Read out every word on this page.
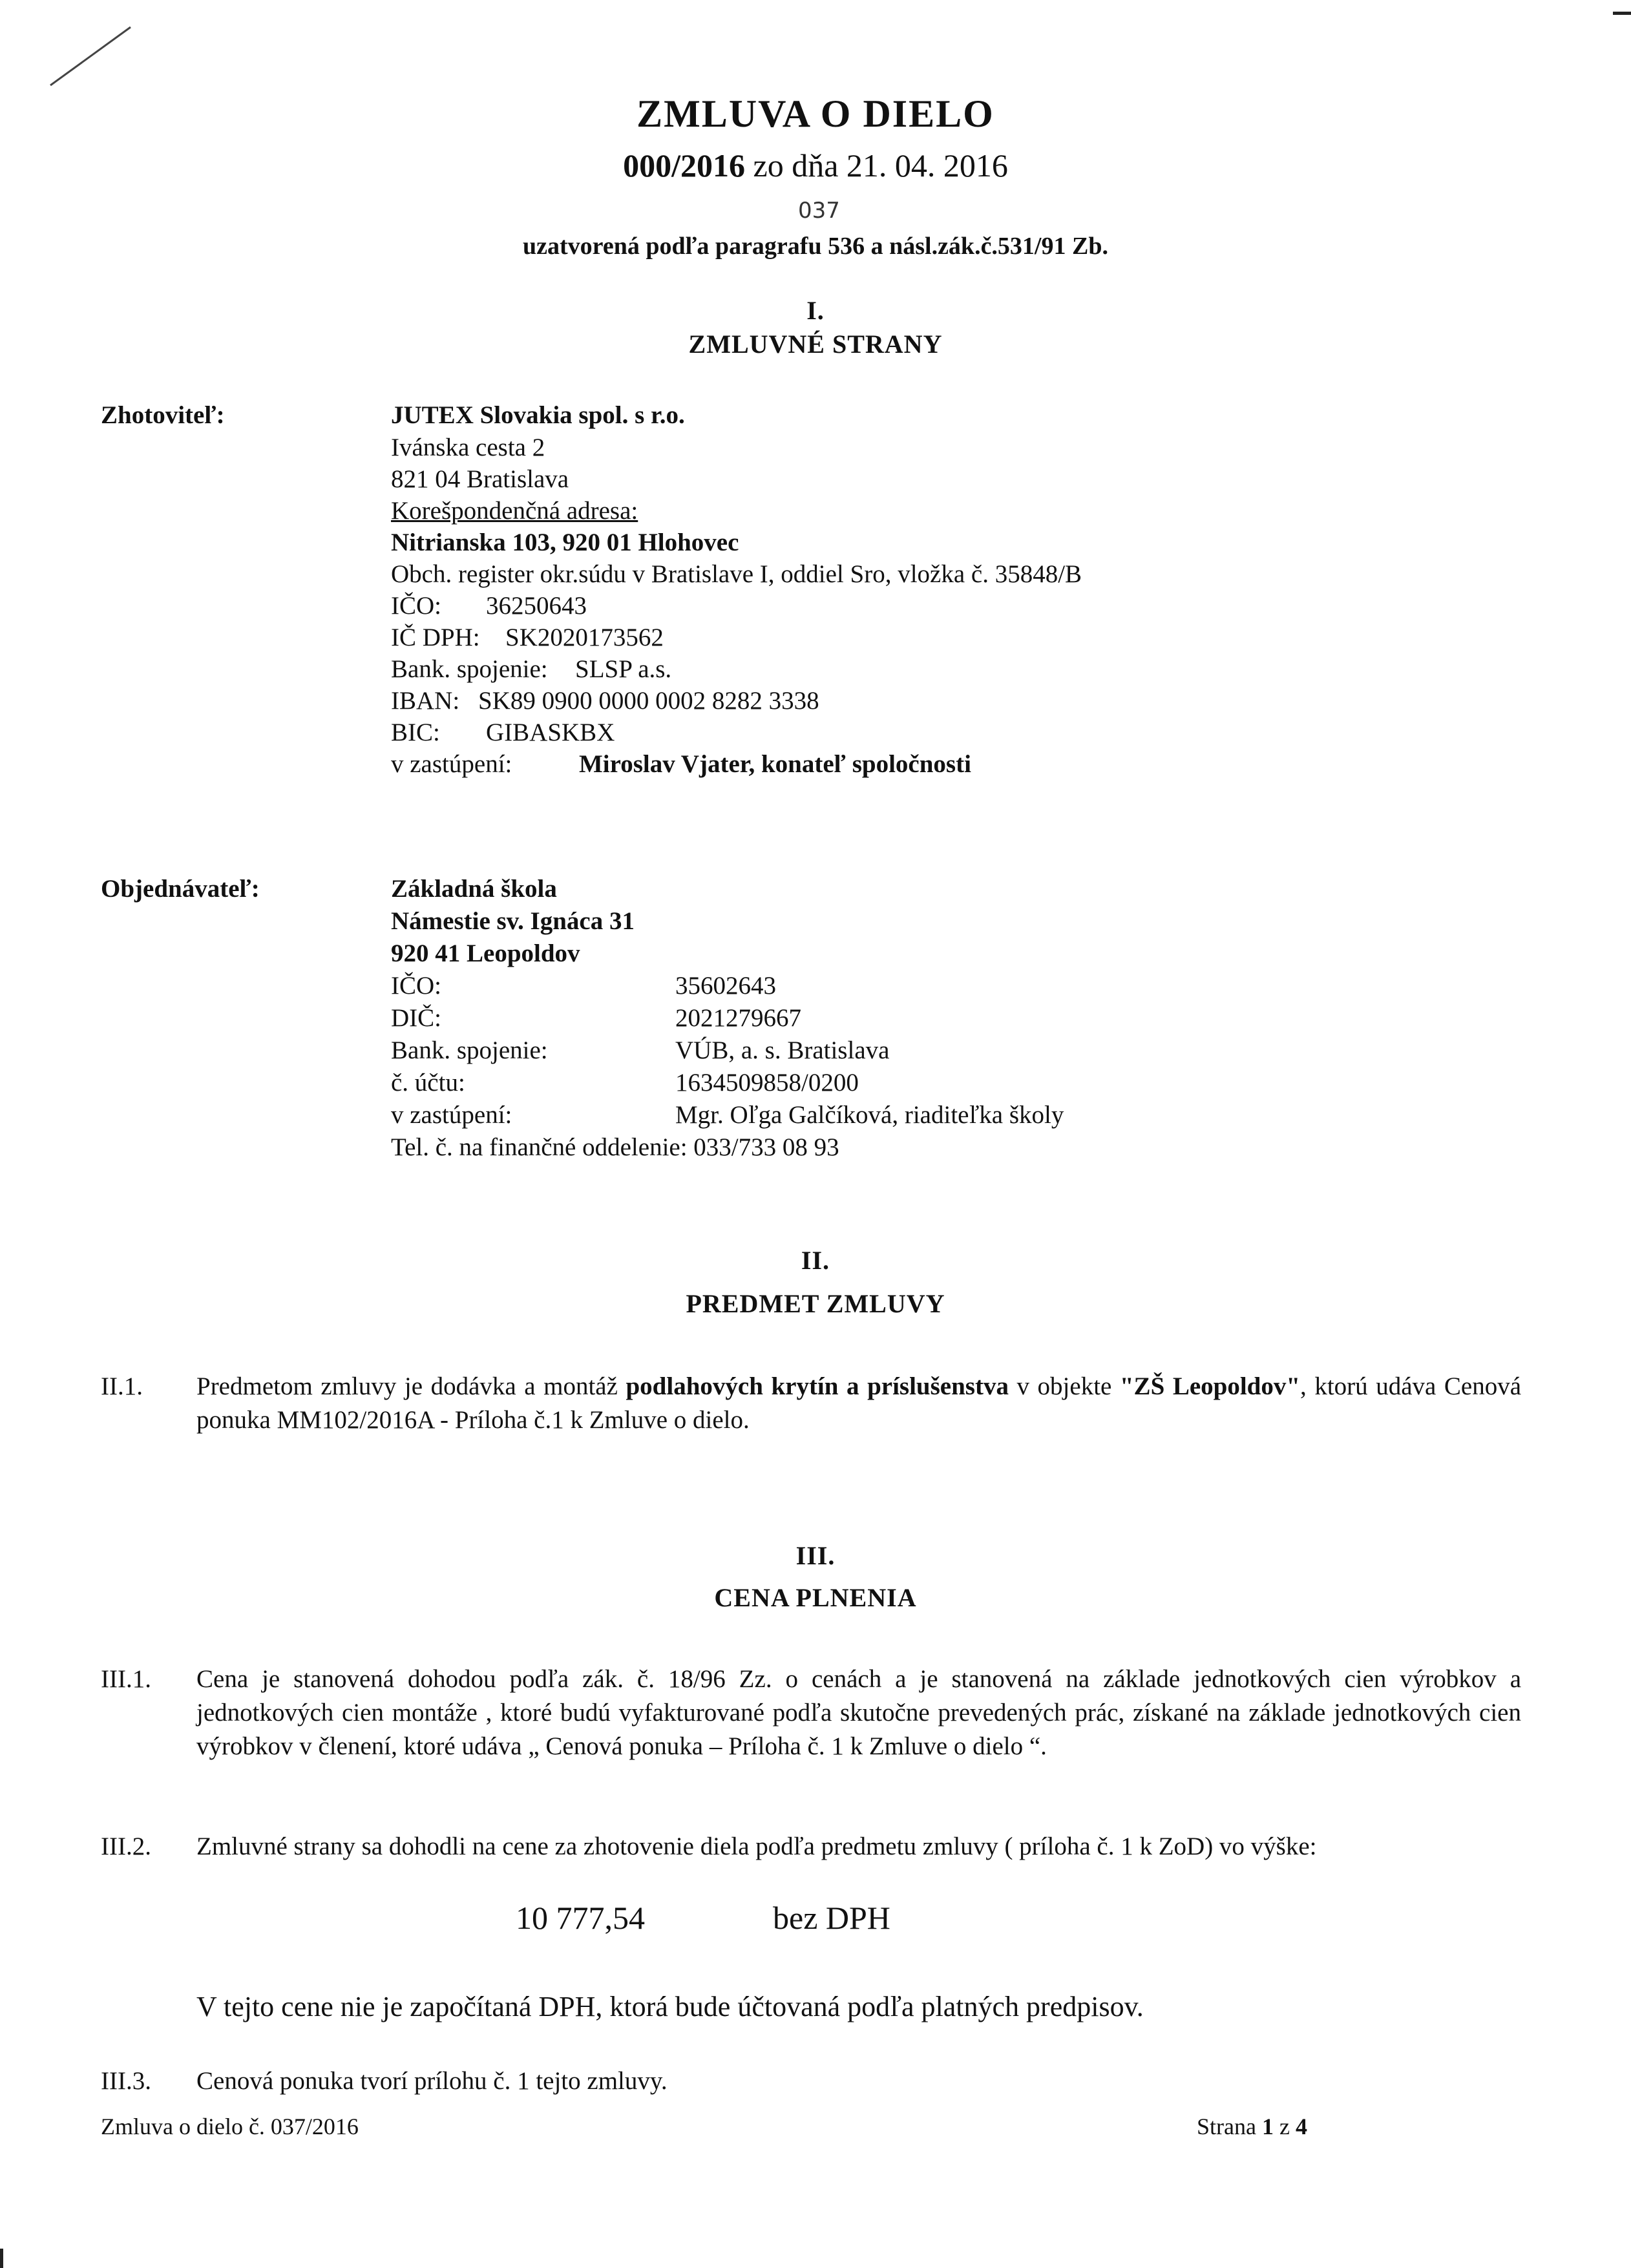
ZMLUVA O DIELO
000/2016 zo dňa 21. 04. 2016
037
uzatvorená podľa paragrafu 536 a násl.zák.č.531/91 Zb.
I.
ZMLUVNÉ STRANY
Zhotoviteľ:	JUTEX Slovakia spol. s r.o.
Ivánska cesta 2
821 04 Bratislava
Korešpondenčná adresa:
Nitrianska 103, 920 01 Hlohovec
Obch. register okr.súdu v Bratislave I, oddiel Sro, vložka č. 35848/B
IČO: 36250643
IČ DPH: SK2020173562
Bank. spojenie: SLSP a.s.
IBAN: SK89 0900 0000 0002 8282 3338
BIC: GIBASKBX
v zastúpení:	Miroslav Vjater, konateľ spoločnosti
Objednávateľ:	Základná škola
Námestie sv. Ignáca 31
920 41 Leopoldov
IČO:	35602643
DIČ:	2021279667
Bank. spojenie:	VÚB, a. s. Bratislava
č. účtu:	1634509858/0200
v zastúpení:	Mgr. Oľga Galčíková, riaditeľka školy
Tel. č. na finančné oddelenie: 033/733 08 93
II.
PREDMET ZMLUVY
II.1. Predmetom zmluvy je dodávka a montáž podlahových krytín a príslušenstva v objekte "ZŠ Leopoldov", ktorú udáva Cenová ponuka MM102/2016A - Príloha č.1 k Zmluve o dielo.
III.
CENA PLNENIA
III.1. Cena je stanovená dohodou podľa zák. č. 18/96 Zz. o cenách a je stanovená na základe jednotkových cien výrobkov a jednotkových cien montáže , ktoré budú vyfakturované podľa skutočne prevedených prác, získané na základe jednotkových cien výrobkov v členení, ktoré udáva „ Cenová ponuka – Príloha č. 1 k Zmluve o dielo “.
III.2. Zmluvné strany sa dohodli na cene za zhotovenie diela podľa predmetu zmluvy ( príloha č. 1 k ZoD) vo výške:
10 777,54	bez DPH
V tejto cene nie je započítaná DPH, ktorá bude účtovaná podľa platných predpisov.
III.3. Cenová ponuka tvorí prílohu č. 1 tejto zmluvy.
Zmluva o dielo č. 037/2016	Strana 1 z 4
